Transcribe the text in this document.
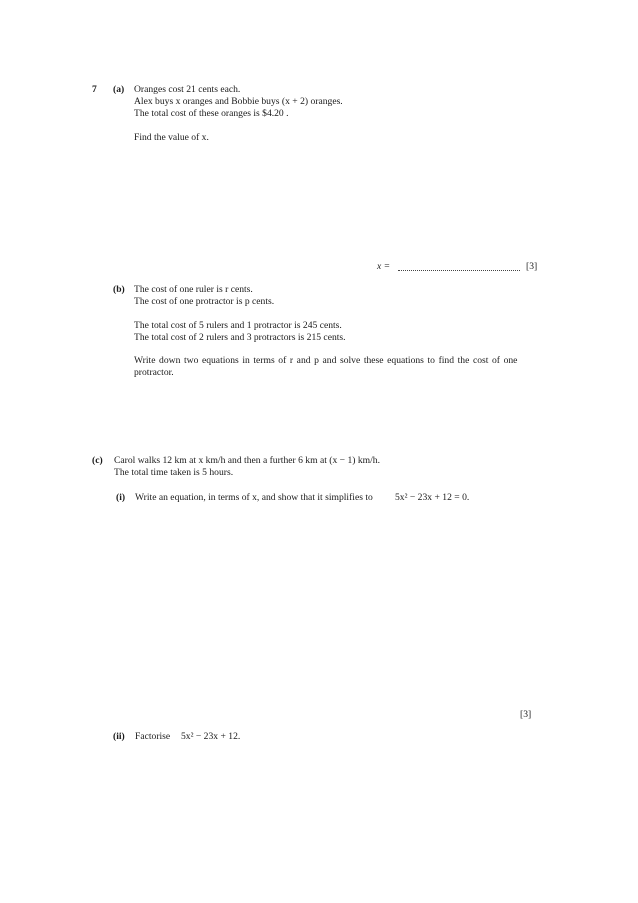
7 (a) Oranges cost 21 cents each.
Alex buys x oranges and Bobbie buys (x + 2) oranges.
The total cost of these oranges is $4.20 .
Find the value of x.
x =	[3]
(b) The cost of one ruler is r cents.
The cost of one protractor is p cents.
The total cost of 5 rulers and 1 protractor is 245 cents.
The total cost of 2 rulers and 3 protractors is 215 cents.
Write down two equations in terms of r and p and solve these equations to find the cost of one
protractor.
(c) Carol walks 12 km at x km/h and then a further 6 km at (x − 1) km/h.
The total time taken is 5 hours.
(i) Write an equation, in terms of x, and show that it simplifies to 5x² − 23x + 12 = 0.
[3]
(ii) Factorise 5x² − 23x + 12.
